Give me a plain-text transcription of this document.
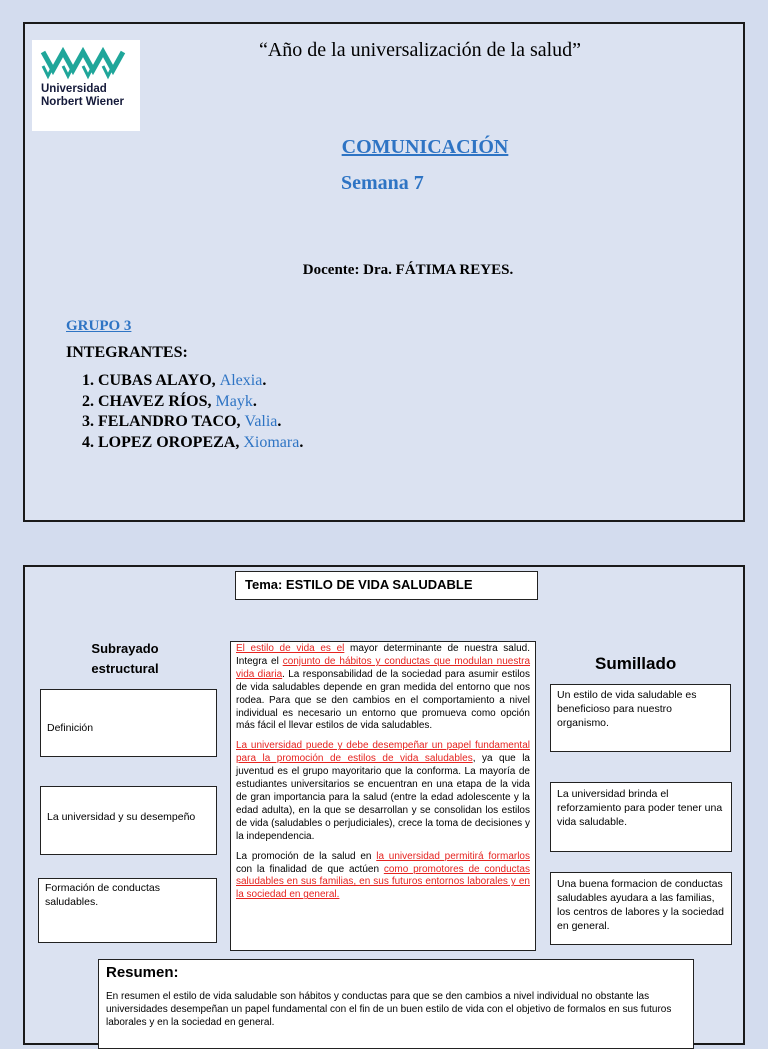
Universidad
Norbert Wiener
“Año de la universalización de la salud”
COMUNICACIÓN
Semana 7
Docente: Dra. FÁTIMA REYES.
GRUPO 3
INTEGRANTES:
1. CUBAS ALAYO, Alexia.
2. CHAVEZ RÍOS, Mayk.
3. FELANDRO TACO, Valia.
4. LOPEZ OROPEZA, Xiomara.
Tema: ESTILO DE VIDA SALUDABLE
Subrayado
estructural	Sumillado
Definición
La universidad y su desempeño
Formación de conductas saludables.

El estilo de vida es el mayor determinante de nuestra salud. Integra el conjunto de hábitos y conductas que modulan nuestra vida diaria. La responsabilidad de la sociedad para asumir estilos de vida saludables depende en gran medida del entorno que nos rodea. Para que se den cambios en el comportamiento a nivel individual es necesario un entorno que promueva como opción más fácil el llevar estilos de vida saludables.

La universidad puede y debe desempeñar un papel fundamental para la promoción de estilos de vida saludables, ya que la juventud es el grupo mayoritario que la conforma. La mayoría de estudiantes universitarios se encuentran en una etapa de la vida de gran importancia para la salud (entre la edad adolescente y la edad adulta), en la que se desarrollan y se consolidan los estilos de vida (saludables o perjudiciales), crece la toma de decisiones y la independencia.

La promoción de la salud en la universidad permitirá formarlos con la finalidad de que actúen como promotores de conductas saludables en sus familias, en sus futuros entornos laborales y en la sociedad en general.

Un estilo de vida saludable es beneficioso para nuestro organismo.
La universidad brinda el reforzamiento para poder tener una vida saludable.
Una buena formacion de conductas saludables ayudara a las familias, los centros de labores y la sociedad en general.
Resumen:
En resumen el estilo de vida saludable son hábitos y conductas para que se den cambios a nivel individual no obstante las universidades desempeñan un papel fundamental con el fin de un buen estilo de vida con el objetivo de formalos en sus futuros laborales y en la sociedad en general.
